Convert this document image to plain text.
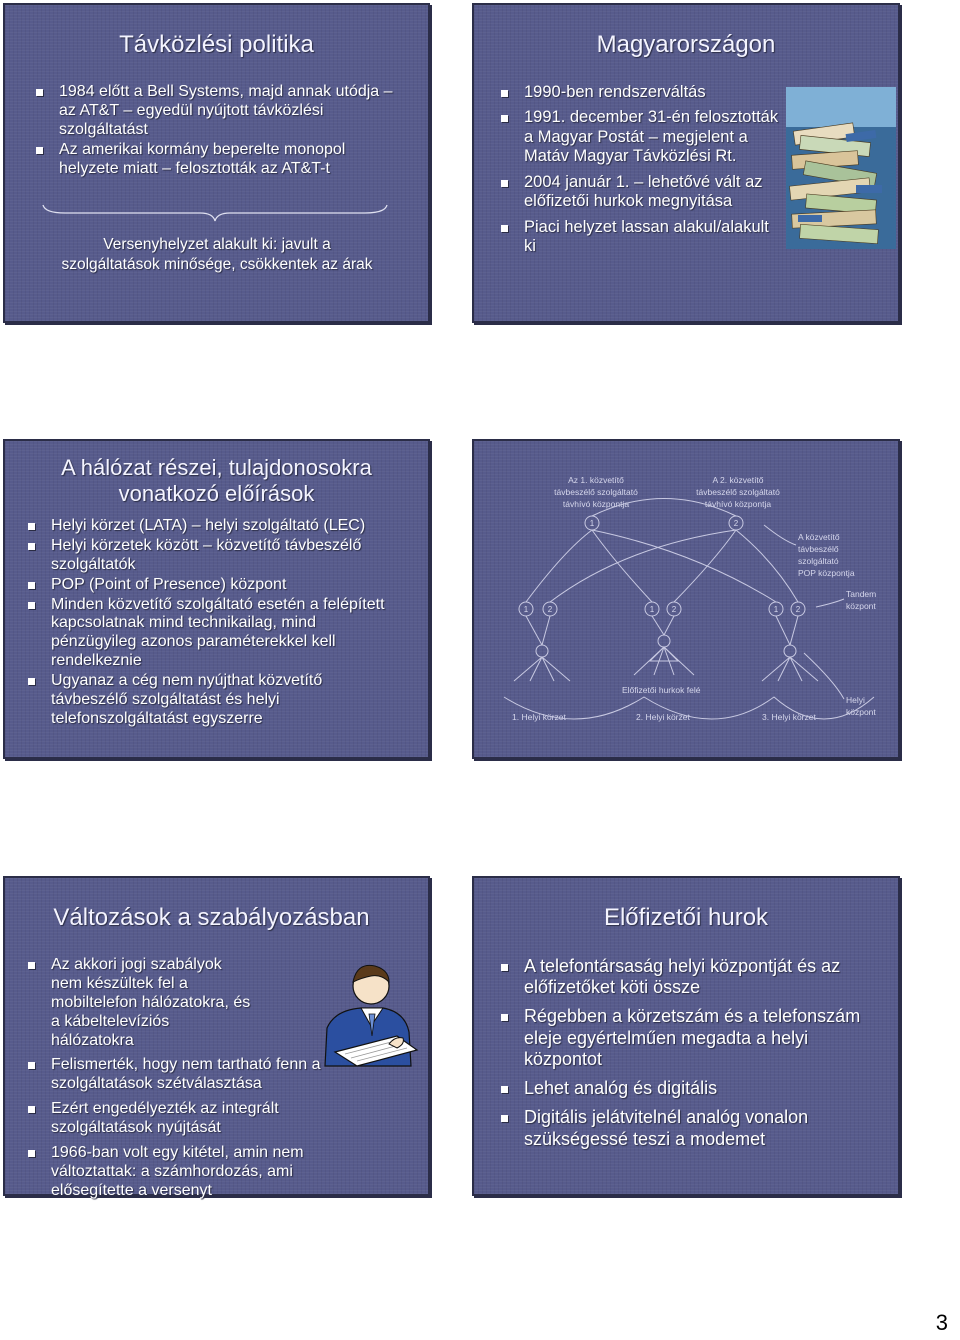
Távközlési politika
1984 előtt a Bell Systems, majd annak utódja – az AT&T – egyedül nyújtott távközlési szolgáltatást
Az amerikai kormány beperelte monopol helyzete miatt – felosztották az AT&T-t
Versenyhelyzet alakult ki: javult a szolgáltatások minősége, csökkentek az árak
Magyarországon
1990-ben rendszerváltás
1991. december 31-én felosztották a Magyar Postát – megjelent a Matáv Magyar Távközlési Rt.
2004 január 1. – lehetővé vált az előfizetői hurkok megnyitása
Piaci helyzet lassan alakul/alakult ki
A hálózat részei, tulajdonosokra
vonatkozó előírások
Helyi körzet (LATA) – helyi szolgáltató (LEC)
Helyi körzetek között – közvetítő távbeszélő szolgáltatók
POP (Point of Presence) központ
Minden közvetítő szolgáltató esetén a felépített kapcsolatnak mind technikailag, mind pénzügyileg azonos paraméterekkel kell rendelkeznie
Ugyanaz a cég nem nyújthat közvetítő távbeszélő szolgáltatást és helyi telefonszolgáltatást egyszerre
Az 1. közvetítő
távbeszélő szolgáltató
távhívó központja
A 2. közvetítő
távbeszélő szolgáltató
távhívó központja
A közvetítő
távbeszélő
szolgáltató
POP központja
Tandem
központ
Helyi
központ
Előfizetői hurkok felé
1. Helyi körzet	2. Helyi körzet	3. Helyi körzet
1	2
1 2	1 2	1 2
Változások a szabályozásban
Az akkori jogi szabályok nem készültek fel a mobiltelefon hálózatokra, és a kábeltelevíziós hálózatokra
Felismerték, hogy nem tartható fenn a szolgáltatások szétválasztása
Ezért engedélyezték az integrált szolgáltatások nyújtását
1966-ban volt egy kitétel, amin nem változtattak: a számhordozás, ami elősegítette a versenyt
Előfizetői hurok
A telefontársaság helyi központját és az előfizetőket köti össze
Régebben a körzetszám és a telefonszám eleje egyértelműen megadta a helyi központot
Lehet analóg és digitális
Digitális jelátvitelnél analóg vonalon szükségessé teszi a modemet
3
